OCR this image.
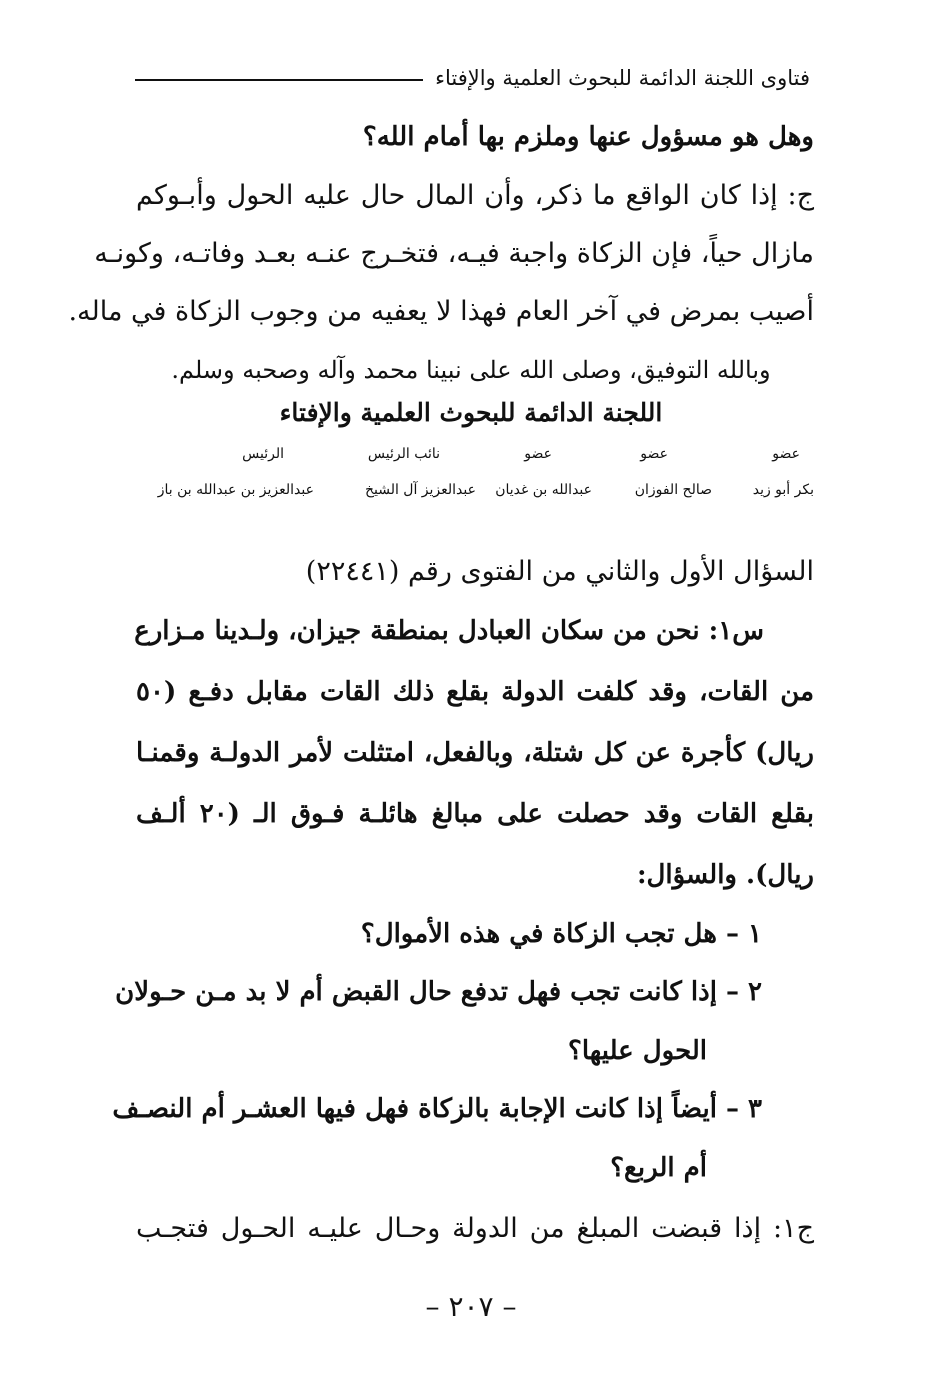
فتاوى اللجنة الدائمة للبحوث العلمية والإفتاء
وهل هو مسؤول عنها وملزم بها أمام الله؟
ج: إذا كان الواقع ما ذكر، وأن المال حال عليه الحول وأبـوكم
مازال حياً، فإن الزكاة واجبة فيـه، فتخـرج عنـه بعـد وفاتـه، وكونـه
أصيب بمرض في آخر العام فهذا لا يعفيه من وجوب الزكاة في ماله.
وبالله التوفيق، وصلى الله على نبينا محمد وآله وصحبه وسلم.
اللجنة الدائمة للبحوث العلمية والإفتاء
عضو
عضو
عضو
نائب الرئيس
الرئيس
بكر أبو زيد
صالح الفوزان
عبدالله بن غديان
عبدالعزيز آل الشيخ
عبدالعزيز بن عبدالله بن باز
السؤال الأول والثاني من الفتوى رقم (٢٢٤٤١)
س١: نحن من سكان العبادل بمنطقة جيزان، ولـدينا مـزارع
من القات، وقد كلفت الدولة بقلع ذلك القات مقابل دفـع (٥٠
ريال) كأجرة عن كل شتلة، وبالفعل، امتثلت لأمر الدولـة وقمنـا
بقلع القات وقد حصلت على مبالغ هائلـة فـوق الـ (٢٠ ألـف
ريال). والسؤال:
١ – هل تجب الزكاة في هذه الأموال؟
٢ – إذا كانت تجب فهل تدفع حال القبض أم لا بد مـن حـولان
الحول عليها؟
٣ – أيضاً إذا كانت الإجابة بالزكاة فهل فيها العشـر أم النصـف
أم الربع؟
ج١: إذا قبضت المبلغ من الدولة وحـال عليـه الحـول فتجـب
– ٢٠٧ –
